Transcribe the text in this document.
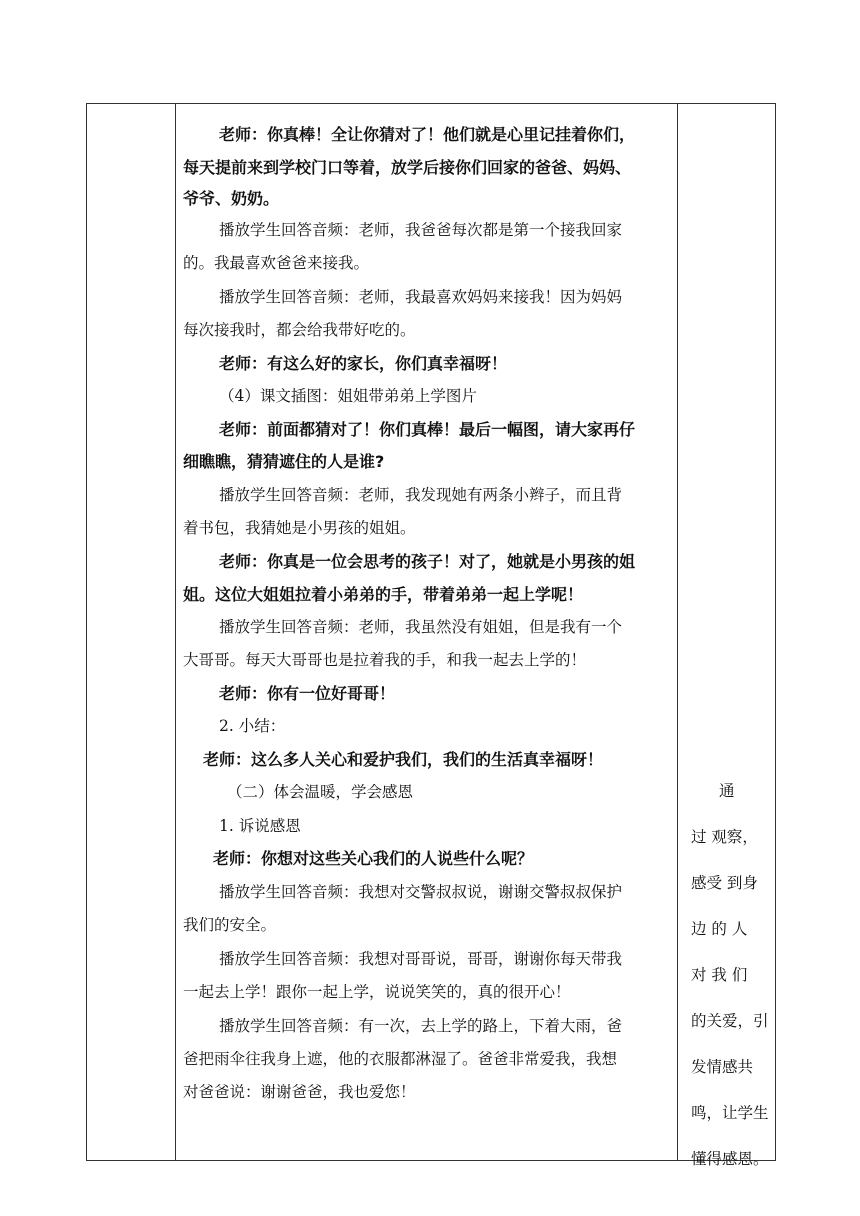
老师：你真棒！全让你猜对了！他们就是心里记挂着你们，
每天提前来到学校门口等着，放学后接你们回家的爸爸、妈妈、
爷爷、奶奶。
播放学生回答音频：老师，我爸爸每次都是第一个接我回家
的。我最喜欢爸爸来接我。
播放学生回答音频：老师，我最喜欢妈妈来接我！因为妈妈
每次接我时，都会给我带好吃的。
老师：有这么好的家长，你们真幸福呀！
（4）课文插图：姐姐带弟弟上学图片
老师：前面都猜对了！你们真棒！最后一幅图，请大家再仔
细瞧瞧，猜猜遮住的人是谁?
播放学生回答音频：老师，我发现她有两条小辫子，而且背
着书包，我猜她是小男孩的姐姐。
老师：你真是一位会思考的孩子！对了，她就是小男孩的姐
姐。这位大姐姐拉着小弟弟的手，带着弟弟一起上学呢！
播放学生回答音频：老师，我虽然没有姐姐，但是我有一个
大哥哥。每天大哥哥也是拉着我的手，和我一起去上学的！
老师：你有一位好哥哥！
2. 小结：
老师：这么多人关心和爱护我们，我们的生活真幸福呀！
（二）体会温暖，学会感恩
1. 诉说感恩
老师：你想对这些关心我们的人说些什么呢？
播放学生回答音频：我想对交警叔叔说，谢谢交警叔叔保护
我们的安全。
播放学生回答音频：我想对哥哥说，哥哥，谢谢你每天带我
一起去上学！跟你一起上学，说说笑笑的，真的很开心！
播放学生回答音频：有一次，去上学的路上，下着大雨，爸
爸把雨伞往我身上遮，他的衣服都淋湿了。爸爸非常爱我，我想
对爸爸说：谢谢爸爸，我也爱您！
通
过 观察，
感受 到身
边 的 人
对 我 们
的关爱，引
发情感共
鸣，让学生
懂得感恩。
